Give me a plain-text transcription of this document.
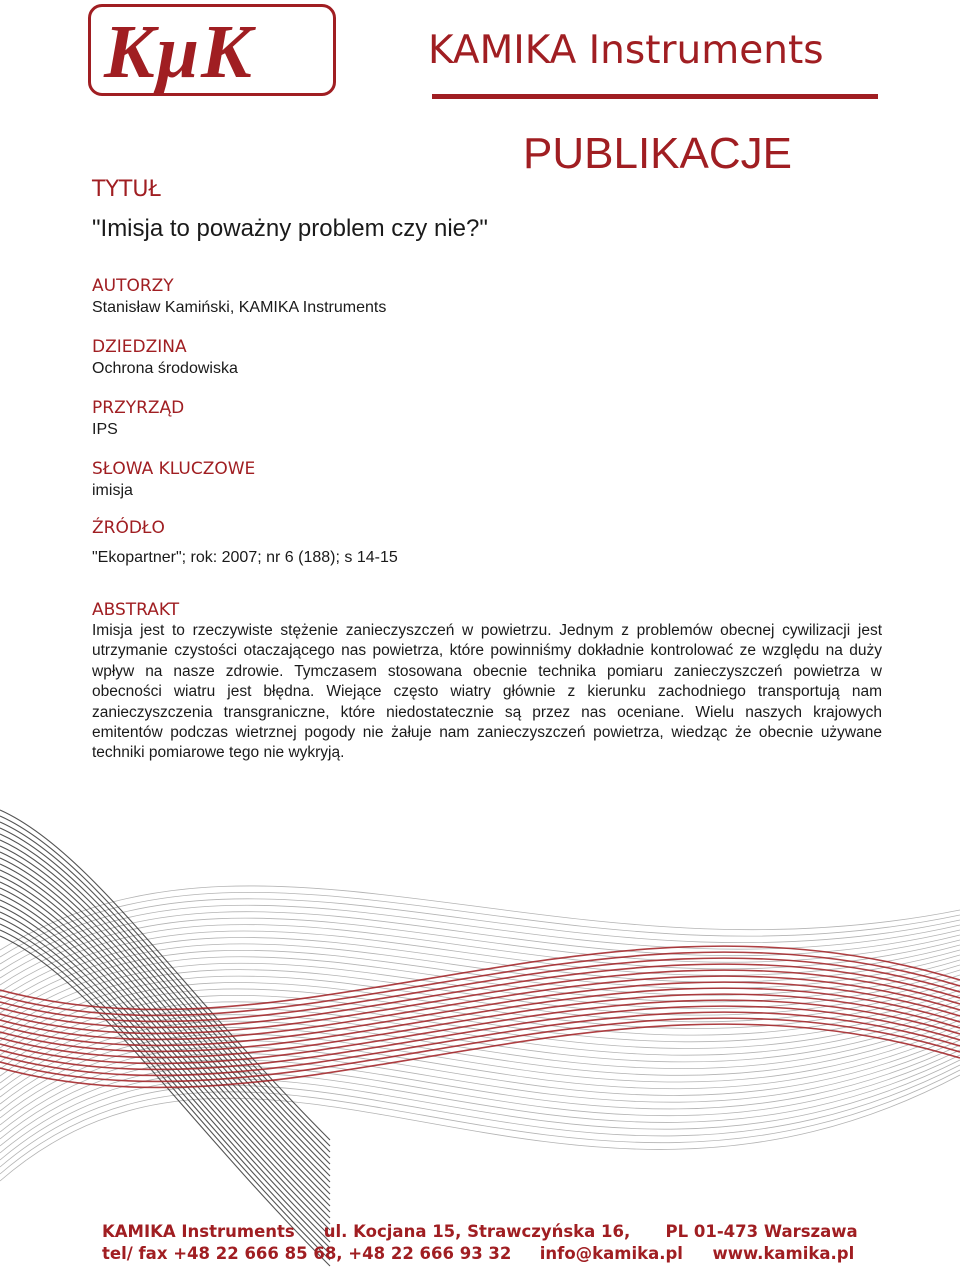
KμK	KAMIKA Instruments
PUBLIKACJE
TYTUŁ
"Imisja to poważny problem czy nie?"
AUTORZY
Stanisław Kamiński, KAMIKA Instruments
DZIEDZINA
Ochrona środowiska
PRZYRZĄD
IPS
SŁOWA KLUCZOWE
imisja
ŹRÓDŁO
"Ekopartner"; rok: 2007; nr 6 (188); s 14-15
ABSTRAKT
Imisja jest to rzeczywiste stężenie zanieczyszczeń w powietrzu. Jednym z problemów obecnej cywilizacji jest utrzymanie czystości otaczającego nas powietrza, które powinniśmy dokładnie kontrolować ze względu na duży wpływ na nasze zdrowie. Tymczasem stosowana obecnie technika pomiaru zanieczyszczeń powietrza w obecności wiatru jest błędna. Wiejące często wiatry głównie z kierunku zachodniego transportują nam zanieczyszczenia transgraniczne, które niedostatecznie są przez nas oceniane. Wielu naszych krajowych emitentów podczas wietrznej pogody nie żałuje nam zanieczyszczeń powietrza, wiedząc że obecnie używane techniki pomiarowe tego nie wykryją.
KAMIKA Instruments ul. Kocjana 15, Strawczyńska 16, PL 01-473 Warszawa
tel/ fax +48 22 666 85 68, +48 22 666 93 32 info@kamika.pl www.kamika.pl
